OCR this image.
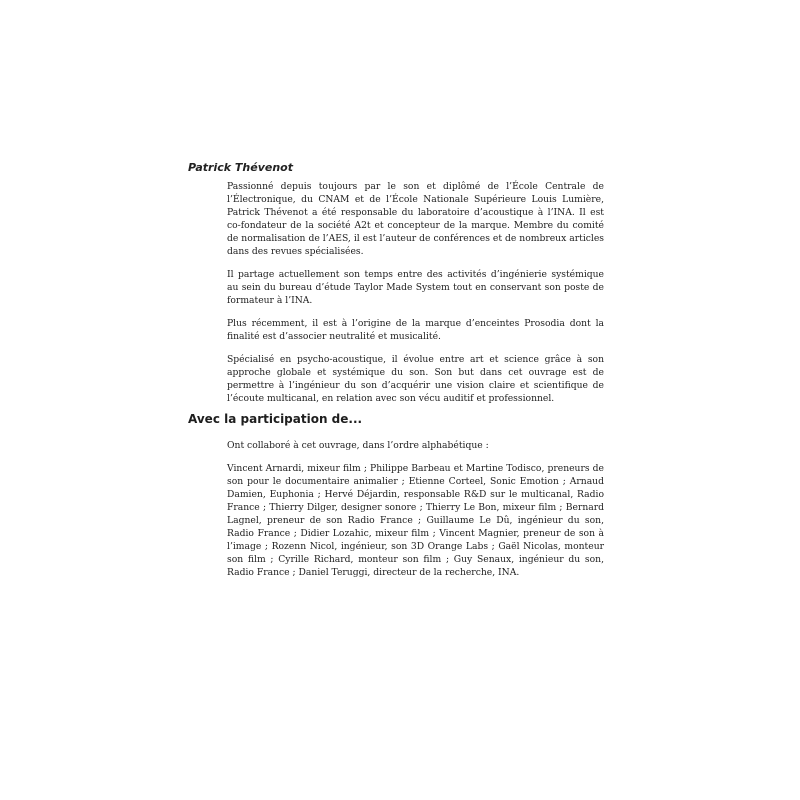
Patrick Thévenot

Passionné depuis toujours par le son et diplômé de l’École Centrale de l’Électronique, du CNAM et de l’École Nationale Supérieure Louis Lumière, Patrick Thévenot a été responsable du laboratoire d’acoustique à l’INA. Il est co-fondateur de la société A2t et concepteur de la marque. Membre du comité de normalisation de l’AES, il est l’auteur de conférences et de nombreux articles dans des revues spécialisées.

Il partage actuellement son temps entre des activités d’ingénierie systémique au sein du bureau d’étude Taylor Made System tout en conservant son poste de formateur à l’INA.

Plus récemment, il est à l’origine de la marque d’enceintes Prosodia dont la finalité est d’associer neutralité et musicalité.

Spécialisé en psycho-acoustique, il évolue entre art et science grâce à son approche globale et systémique du son. Son but dans cet ouvrage est de permettre à l’ingénieur du son d’acquérir une vision claire et scientifique de l’écoute multicanal, en relation avec son vécu auditif et professionnel.

Avec la participation de...

Ont collaboré à cet ouvrage, dans l’ordre alphabétique :

Vincent Arnardi, mixeur film ; Philippe Barbeau et Martine Todisco, preneurs de son pour le documentaire animalier ; Etienne Corteel, Sonic Emotion ; Arnaud Damien, Euphonia ; Hervé Déjardin, responsable R&D sur le multicanal, Radio France ; Thierry Dilger, designer sonore ; Thierry Le Bon, mixeur film ; Bernard Lagnel, preneur de son Radio France ; Guillaume Le Dû, ingénieur du son, Radio France ; Didier Lozahic, mixeur film ; Vincent Magnier, preneur de son à l’image ; Rozenn Nicol, ingénieur, son 3D Orange Labs ; Gaël Nicolas, monteur son film ; Cyrille Richard, monteur son film ; Guy Senaux, ingénieur du son, Radio France ; Daniel Teruggi, directeur de la recherche, INA.
